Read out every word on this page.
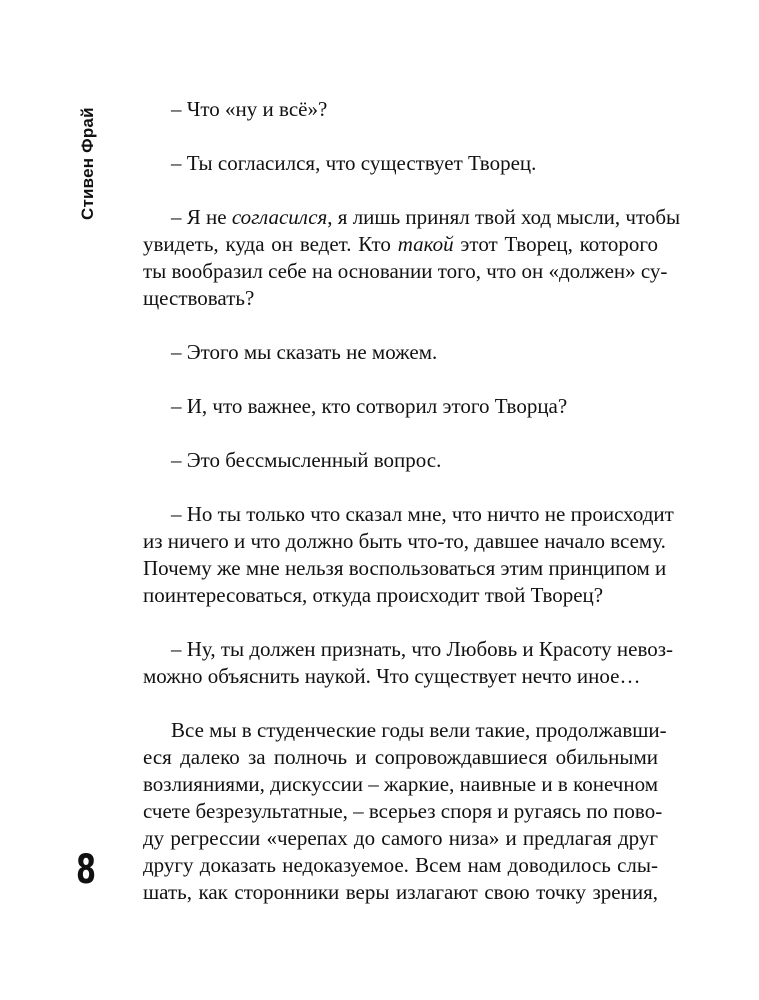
Стивен Фрай
8
– Что «ну и всё»?
– Ты согласился, что существует Творец.
– Я не согласился, я лишь принял твой ход мысли, чтобы
увидеть, куда он ведет. Кто такой этот Творец, которого
ты вообразил себе на основании того, что он «должен» су-
ществовать?
– Этого мы сказать не можем.
– И, что важнее, кто сотворил этого Творца?
– Это бессмысленный вопрос.
– Но ты только что сказал мне, что ничто не происходит
из ничего и что должно быть что-то, давшее начало всему.
Почему же мне нельзя воспользоваться этим принципом и
поинтересоваться, откуда происходит твой Творец?
– Ну, ты должен признать, что Любовь и Красоту невоз-
можно объяснить наукой. Что существует нечто иное…
Все мы в студенческие годы вели такие, продолжавши-
еся далеко за полночь и сопровождавшиеся обильными
возлияниями, дискуссии – жаркие, наивные и в конечном
счете безрезультатные, – всерьез споря и ругаясь по пово-
ду регрессии «черепах до самого низа» и предлагая друг
другу доказать недоказуемое. Всем нам доводилось слы-
шать, как сторонники веры излагают свою точку зрения,
